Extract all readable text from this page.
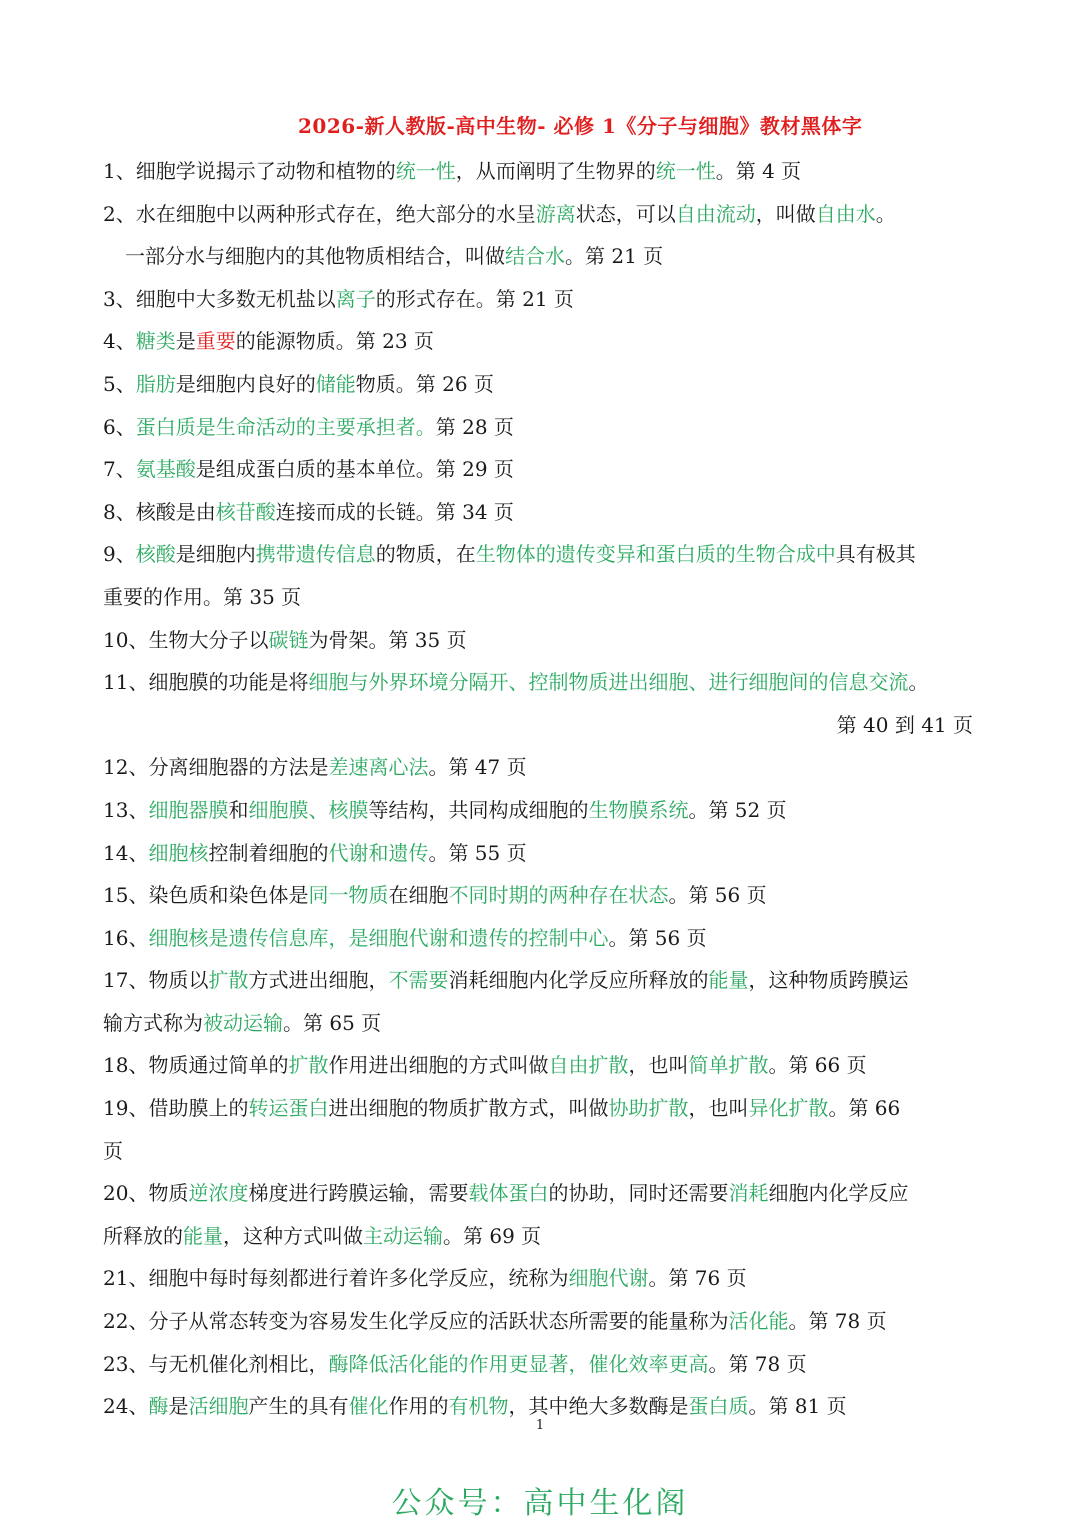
2026-新人教版-高中生物- 必修 1《分子与细胞》教材黑体字
1、细胞学说揭示了动物和植物的统一性，从而阐明了生物界的统一性。第 4 页
2、水在细胞中以两种形式存在，绝大部分的水呈游离状态，可以自由流动，叫做自由水。
一部分水与细胞内的其他物质相结合，叫做结合水。第 21 页
3、细胞中大多数无机盐以离子的形式存在。第 21 页
4、糖类是重要的能源物质。第 23 页
5、脂肪是细胞内良好的储能物质。第 26 页
6、蛋白质是生命活动的主要承担者。第 28 页
7、氨基酸是组成蛋白质的基本单位。第 29 页
8、核酸是由核苷酸连接而成的长链。第 34 页
9、核酸是细胞内携带遗传信息的物质，在生物体的遗传变异和蛋白质的生物合成中具有极其
重要的作用。第 35 页
10、生物大分子以碳链为骨架。第 35 页
11、细胞膜的功能是将细胞与外界环境分隔开、控制物质进出细胞、进行细胞间的信息交流。
第 40 到 41 页
12、分离细胞器的方法是差速离心法。第 47 页
13、细胞器膜和细胞膜、核膜等结构，共同构成细胞的生物膜系统。第 52 页
14、细胞核控制着细胞的代谢和遗传。第 55 页
15、染色质和染色体是同一物质在细胞不同时期的两种存在状态。第 56 页
16、细胞核是遗传信息库，是细胞代谢和遗传的控制中心。第 56 页
17、物质以扩散方式进出细胞，不需要消耗细胞内化学反应所释放的能量，这种物质跨膜运
输方式称为被动运输。第 65 页
18、物质通过简单的扩散作用进出细胞的方式叫做自由扩散，也叫简单扩散。第 66 页
19、借助膜上的转运蛋白进出细胞的物质扩散方式，叫做协助扩散，也叫异化扩散。第 66
页
20、物质逆浓度梯度进行跨膜运输，需要载体蛋白的协助，同时还需要消耗细胞内化学反应
所释放的能量，这种方式叫做主动运输。第 69 页
21、细胞中每时每刻都进行着许多化学反应，统称为细胞代谢。第 76 页
22、分子从常态转变为容易发生化学反应的活跃状态所需要的能量称为活化能。第 78 页
23、与无机催化剂相比，酶降低活化能的作用更显著，催化效率更高。第 78 页
24、酶是活细胞产生的具有催化作用的有机物，其中绝大多数酶是蛋白质。第 81 页
1
公众号：高中生化阁
